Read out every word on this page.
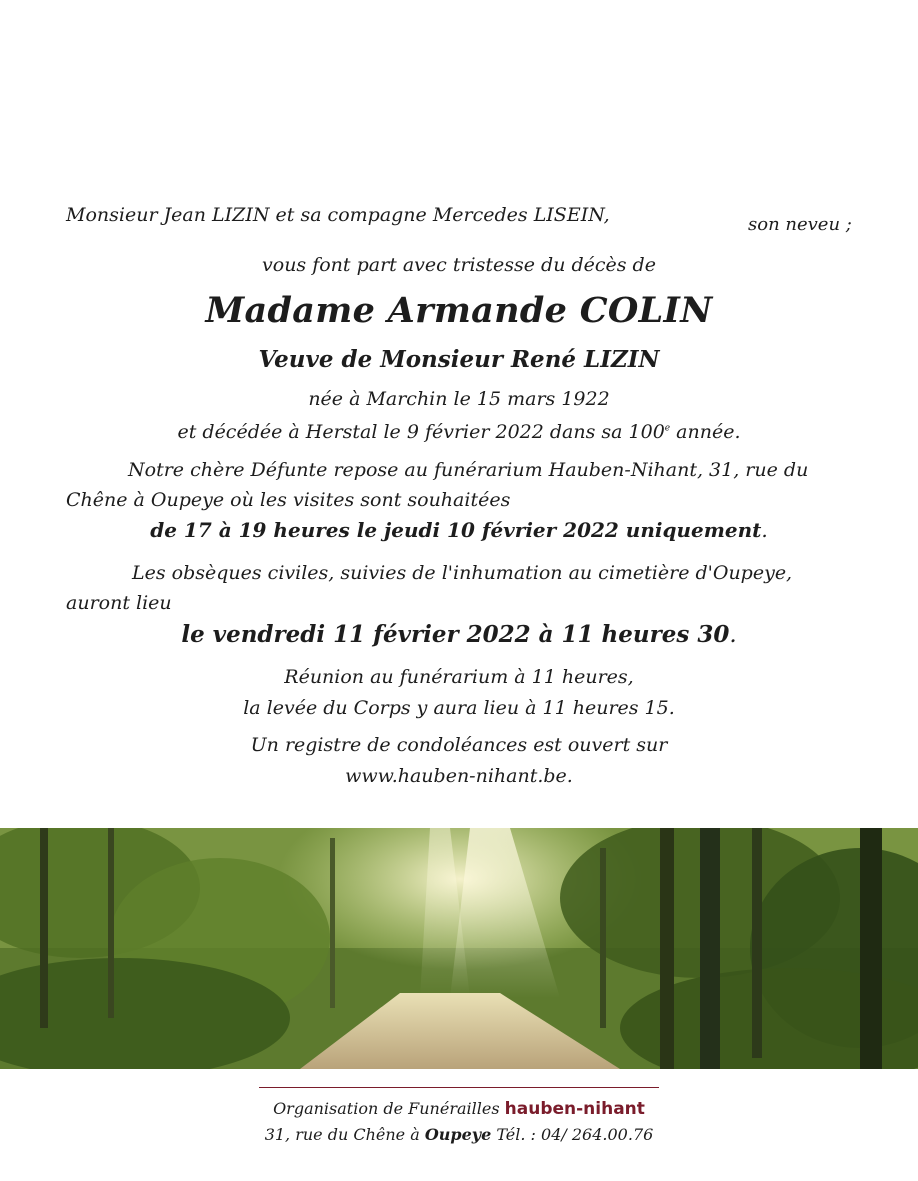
Monsieur Jean LIZIN et sa compagne Mercedes LISEIN,	son neveu ;
vous font part avec tristesse du décès de
Madame Armande COLIN
Veuve de Monsieur René LIZIN
née à Marchin le 15 mars 1922
et décédée à Herstal le 9 février 2022 dans sa 100e année.
Notre chère Défunte repose au funérarium Hauben-Nihant, 31, rue du Chêne à Oupeye où les visites sont souhaitées
de 17 à 19 heures le jeudi 10 février 2022 uniquement.
Les obsèques civiles, suivies de l'inhumation au cimetière d'Oupeye, auront lieu
le vendredi 11 février 2022 à 11 heures 30.
Réunion au funérarium à 11 heures,
la levée du Corps y aura lieu à 11 heures 15.
Un registre de condoléances est ouvert sur
www.hauben-nihant.be.
Organisation de Funérailles hauben-nihant
31, rue du Chêne à Oupeye Tél. : 04/ 264.00.76
